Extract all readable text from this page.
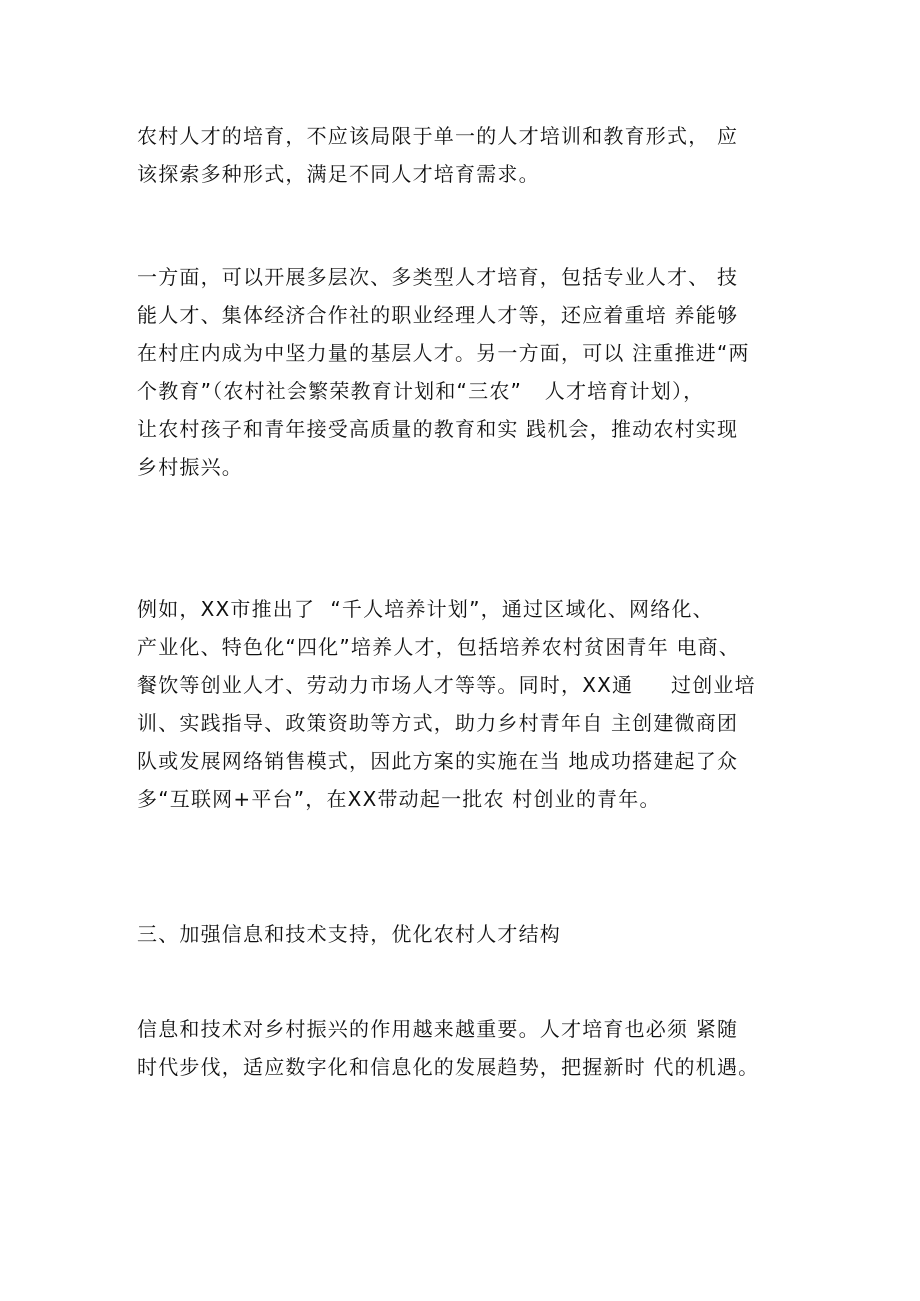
农村人才的培育，不应该局限于单一的人才培训和教育形式， 应
该探索多种形式，满足不同人才培育需求。

一方面，可以开展多层次、多类型人才培育，包括专业人才、 技
能人才、集体经济合作社的职业经理人才等，还应着重培 养能够
在村庄内成为中坚力量的基层人才。另一方面，可以 注重推进“两
个教育”（农村社会繁荣教育计划和“三农”   人才培育计划），
让农村孩子和青年接受高质量的教育和实 践机会，推动农村实现
乡村振兴。

例如，XX市推出了  “千人培养计划”，通过区域化、网络化、
产业化、特色化“四化”培养人才，包括培养农村贫困青年 电商、
餐饮等创业人才、劳动力市场人才等等。同时，XX通     过创业培
训、实践指导、政策资助等方式，助力乡村青年自 主创建微商团
队或发展网络销售模式，因此方案的实施在当 地成功搭建起了众
多“互联网+平台”，在XX带动起一批农 村创业的青年。

三、加强信息和技术支持，优化农村人才结构

信息和技术对乡村振兴的作用越来越重要。人才培育也必须 紧随
时代步伐，适应数字化和信息化的发展趋势，把握新时 代的机遇。
